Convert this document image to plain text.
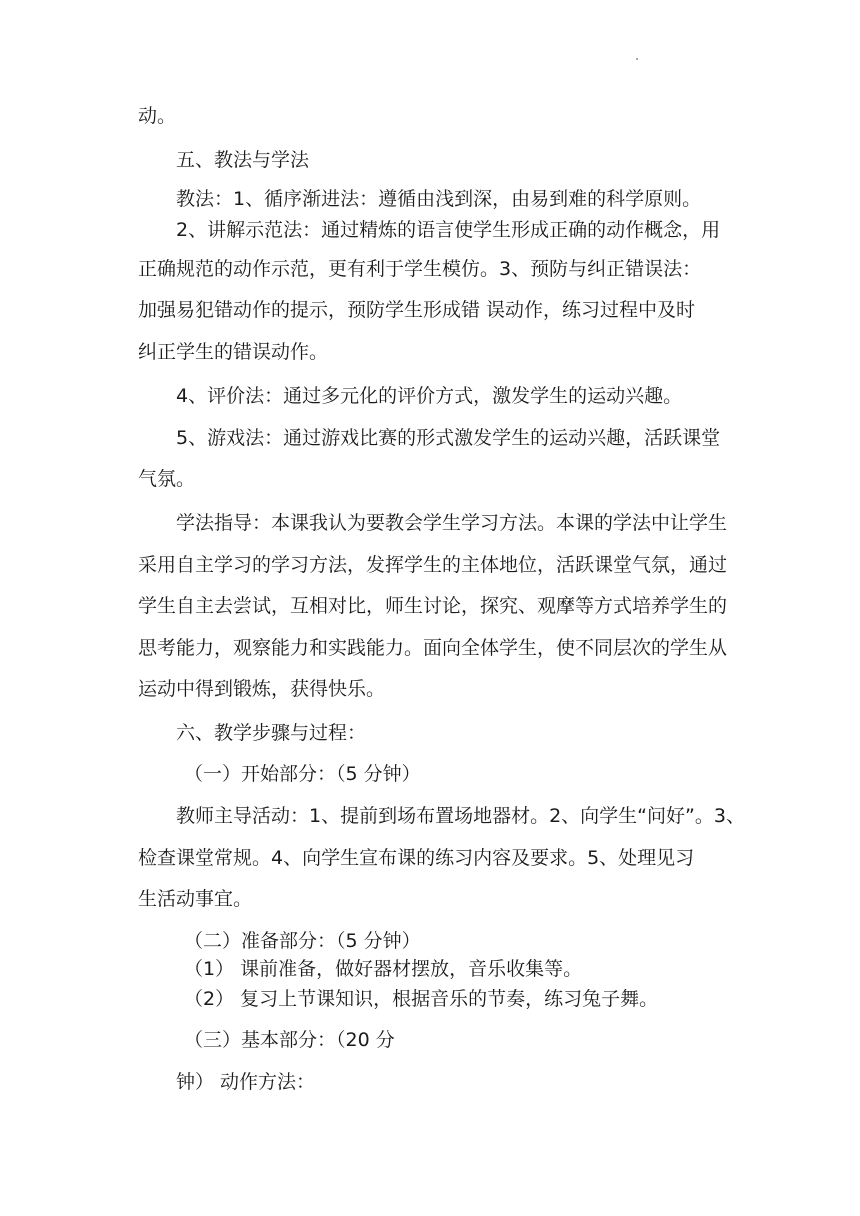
动。
五、教法与学法
教法：1、循序渐进法：遵循由浅到深，由易到难的科学原则。
2、讲解示范法：通过精炼的语言使学生形成正确的动作概念，用
正确规范的动作示范，更有利于学生模仿。3、预防与纠正错误法：
加强易犯错动作的提示，预防学生形成错 误动作，练习过程中及时
纠正学生的错误动作。
4、评价法：通过多元化的评价方式，激发学生的运动兴趣。
5、游戏法：通过游戏比赛的形式激发学生的运动兴趣，活跃课堂
气氛。
学法指导：本课我认为要教会学生学习方法。本课的学法中让学生
采用自主学习的学习方法，发挥学生的主体地位，活跃课堂气氛，通过
学生自主去尝试，互相对比，师生讨论，探究、观摩等方式培养学生的
思考能力，观察能力和实践能力。面向全体学生，使不同层次的学生从
运动中得到锻炼，获得快乐。
六、教学步骤与过程：
（一）开始部分：（5 分钟）
教师主导活动：1、提前到场布置场地器材。2、向学生“问好”。3、
检查课堂常规。4、向学生宣布课的练习内容及要求。5、处理见习
生活动事宜。
（二）准备部分：（5 分钟）
（1） 课前准备，做好器材摆放，音乐收集等。
（2） 复习上节课知识，根据音乐的节奏，练习兔子舞。
（三）基本部分：（20 分
钟） 动作方法：
